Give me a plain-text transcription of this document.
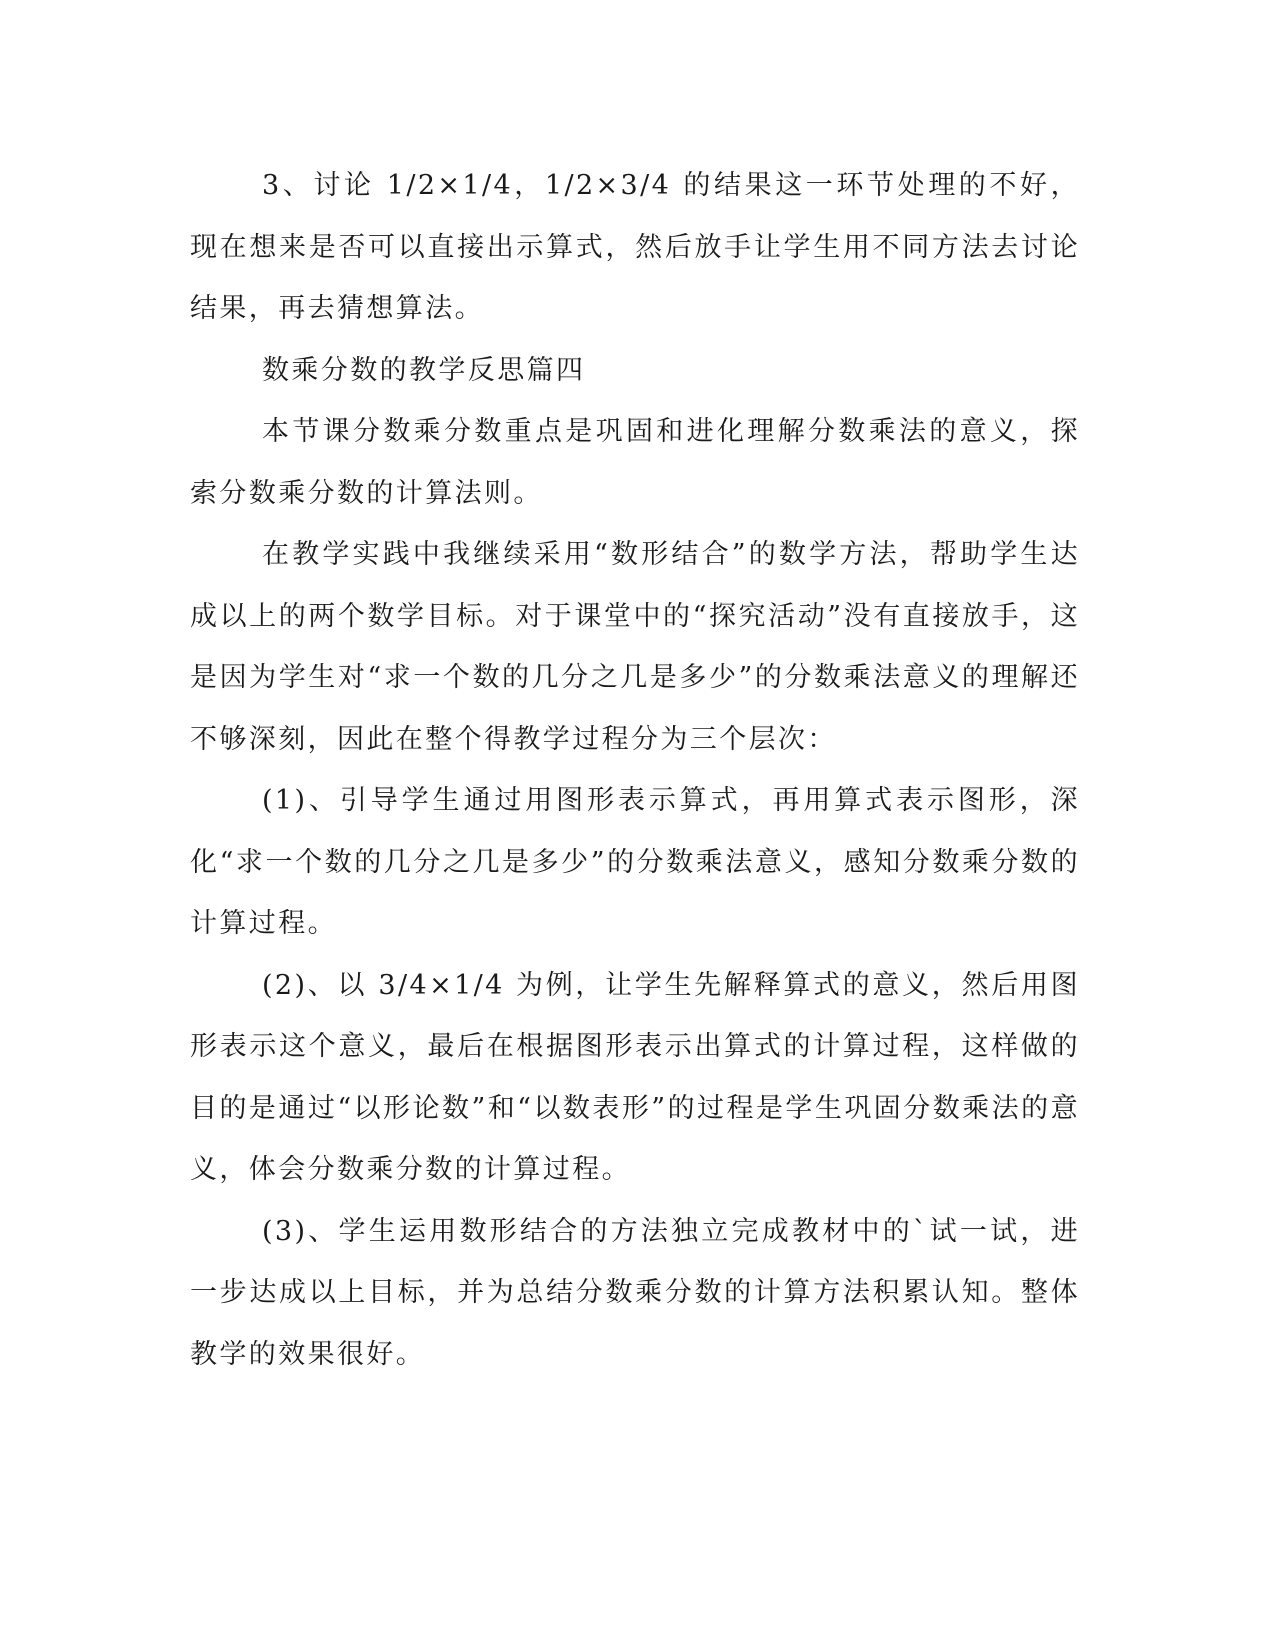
3、讨论 1/2×1/4，1/2×3/4 的结果这一环节处理的不好，现在想来是否可以直接出示算式，然后放手让学生用不同方法去讨论结果，再去猜想算法。

数乘分数的教学反思篇四

本节课分数乘分数重点是巩固和进化理解分数乘法的意义，探索分数乘分数的计算法则。

在教学实践中我继续采用“数形结合”的数学方法，帮助学生达成以上的两个数学目标。对于课堂中的“探究活动”没有直接放手，这是因为学生对“求一个数的几分之几是多少”的分数乘法意义的理解还不够深刻，因此在整个得教学过程分为三个层次：

(1)、引导学生通过用图形表示算式，再用算式表示图形，深化“求一个数的几分之几是多少”的分数乘法意义，感知分数乘分数的计算过程。

(2)、以 3/4×1/4 为例，让学生先解释算式的意义，然后用图形表示这个意义，最后在根据图形表示出算式的计算过程，这样做的目的是通过“以形论数”和“以数表形”的过程是学生巩固分数乘法的意义，体会分数乘分数的计算过程。

(3)、学生运用数形结合的方法独立完成教材中的`试一试，进一步达成以上目标，并为总结分数乘分数的计算方法积累认知。整体教学的效果很好。
